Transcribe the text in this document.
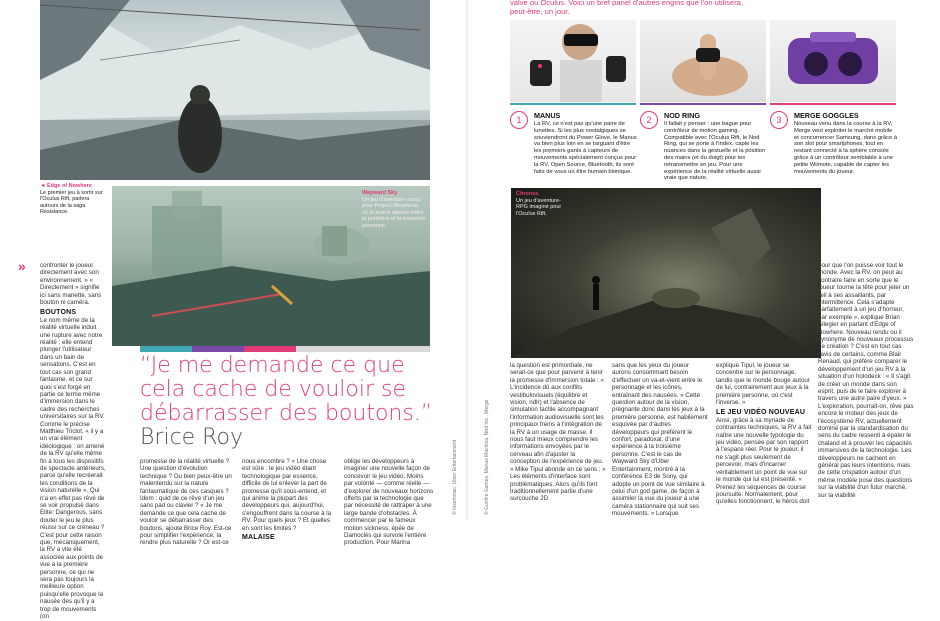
◄ Edge of Nowhere
Le premier jeu à sortir sur l'Oculus Rift, parlera autours de la saga Resistance.
Wayward Sky
Un jeu d'aventure conçu pour Project Morpheus, où le joueur alterne entre la première et la troisième personne.
» confronter le joueur directement avec son environnement. » « Directement » signifie ici sans manette, sans bouton ni caméra.
BOUTONS
Le nom même de la réalité virtuelle induit une rupture avec notre réalité ; elle entend plonger l'utilisateur dans un bain de sensations. C'est en tout cas son grand fantasme, et ce sur quoi s'est forgé en partie ce terme même d'immersion dans le cadre des recherches universitaires sur la RV. Comme le précise Matthieu Triclot, « il y a un vrai élément idéologique : on amené de la RV qu'elle même fin à tous les dispositifs de spectacle antérieurs, parce qu'elle recréerait les conditions de la vision naturelle ». Qui n'a en effet pas rêvé de se voir propulsé dans Elite: Dangerous, sans douter le jeu le plus réussi sur ce créneau ? C'est pour cette raison que, mécaniquement, la RV a vite été associée aux points de vue à la première personne, ce qui ne sera pas toujours la meilleure option puisqu'elle provoque la nausée des qu'il y a trop de mouvements (on
“Je me demande ce que cela cache de vouloir se débarrasser des boutons.” Brice Roy
promesse de la réalité virtuelle ? Une question d'évolution technique ? Ou bien peux-être un malentendu sur la nature fantasmatique de ces casques ? Idem : quid de ce rêve d'un jeu sans pad ou clavier ? « Je me demande ce que cela cache de vouloir se débarrasser des boutons, ajoute Brice Roy. Est-ce pour simplifier l'expérience, la rendre plus naturelle ? Or est-ce
nous encombre ? « Une chose est sûre : le jeu vidéo étant technologique par essence, difficile de lui enlever la part de promesse qu'il sous-entend, et qui anime la plupart des développeurs qui, aujourd'hui, s'engouffrent dans la course à la RV. Pour quels jeux ? Et quelles en sont les limites ?
MALAISE
oblige les développeurs à imaginer une nouvelle façon de concevoir le jeu vidéo. Moins par volonté — comme réelle — d'explorer de nouveaux horizons offerts par la technologie que par nécessité de rattraper à une large bande d'obstacles. À commencer par le fameux motion sickness, épée de Damoclès qui survole l'entière production. Pour Marina
© Insomniac, Ubier Entertainment
valve ou Oculus. Voici un bref panel d'autres engins que l'on utilisera, peut-être, un jour.
1	MANUS
La RV, ce n'est pas qu'une paire de lunettes. Si les plus nostalgiques se souviendront du Power Glove, le Manus va bien plus loin en se targuant d'être les premiers gants à capteurs de mouvements spécialement conçus pour la RV. Open Source, Bluetooth, ils sont faits de vous un être humain bionique.
2	NOD RING
Il fallait y penser : une bague pour contrôleur de motion gaming. Compatible avec l'Oculus Rift, le Nod Ring, qui se porte à l'index, capte les nuances dans la gestuelle et la position des mains (et du doigt) pour les retransmettre en jeu. Pour une expérience de la réalité virtuelle aussi vraie que nature.
3	MERGE GOGGLES
Nouveau venu dans la course à la RV, Merge veut exploiter le marché mobile et concurrencer Samsung, dans grâce à son slot pour smartphones, tout en restant connecté à la sphère console grâce à un contrôleur semblable à une petite Wiimote, capable de capter les mouvements du joueur.
Chronos
Un jeu d'aventure-RPG imaginé pour l'Oculus Rift.
© Gunfire Games, Manus Machina, Nod Inc., Merge
la question est primordiale, ne serait-ce que pour parvenir à tenir la promesse d'immersion totale : « L'incidence dû aux conflits vestibulovisuels (équilibre et vision, ndlr) et l'absence de simulation tactile accompagnant l'information audiovisuelle sont les principaux freins à l'intégration de la RV à un usage de masse. Il nous faut mieux comprendre les informations envoyées par le cerveau afin d'ajuster la conception de l'expérience de jeu. » Mike Tipul abonde en ce sens : « Les éléments d'interface sont problématiques. Alors qu'ils font traditionnellement partie d'une surcouche 2D
sans que les yeux du joueur aurons consommant besoin d'effectuer un va-et-vient entre le personnage et les icônes, entraînant des nausées. » Cette question autour de la vision, prégnante donc dans les jeux à la première personne, est habilement esquivée par d'autres développeurs qui préfèrent le confort, paradoxal, d'une expérience à la troisième personne. C'est le cas de Wayward Sky d'Uber Entertainment, montré à la conférence E3 de Sony, qui adopte un point de vue similaire à celui d'un god game, de façon à assimiler la vue du joueur à une caméra stationnaire qui suit ses mouvements. « Lorsque
explique Tipul, le joueur se concentre sur le personnage, tandis que le monde bouge autour de lui, contrairement aux jeux à la première personne, où c'est l'inverse. »
LE JEU VIDÉO NOUVEAU
Ainsi, grâce à sa myriade de contraintes techniques, la RV a fait naître une nouvelle typologie du jeu vidéo, pensée par son rapport à l'espace réel. Pour le joueur, il ne s'agit plus seulement de percevoir, mais d'incarner véritablement un point de vue sur le monde qui lui est présenté. « Prenez les séquences de course poursuite. Normalement, pour qu'elles fonctionnent, le héros doit
pour que l'on puisse voir tout le monde. Avec la RV, on peut au contraire faire en sorte que le joueur tourne la tête pour jeter un œil à ses assaillants, par intermittence. Cela s'adapte parfaitement à un jeu d'horreur, par exemple », explique Brian Allegier en parlant d'Edge of Nowhere. Nouveau rendu ou il synonyme de nouveaux processus de création ? C'est en tout cas l'avis de certains, comme Blair Renaud, qui préfère comparer le développement d'un jeu RV à la situation d'un holodeck : « Il s'agit de créer un monde dans son esprit, puis de le faire explorer à travers une autre paire d'yeux. » L'exploration, pourrait-on, rêve pas encore le moteur des jeux de l'écosystème RV, actuellement dominé par la standardisation du sens du cadre ressenti à épater le chaland et à prouver les capacités immersives de la technologie. Les développeurs ne cachent en général pas leurs intentions, mais de cette crispation autour d'un même modèle pose des questions sur la viabilité d'un futur marché, sur la viabilité
